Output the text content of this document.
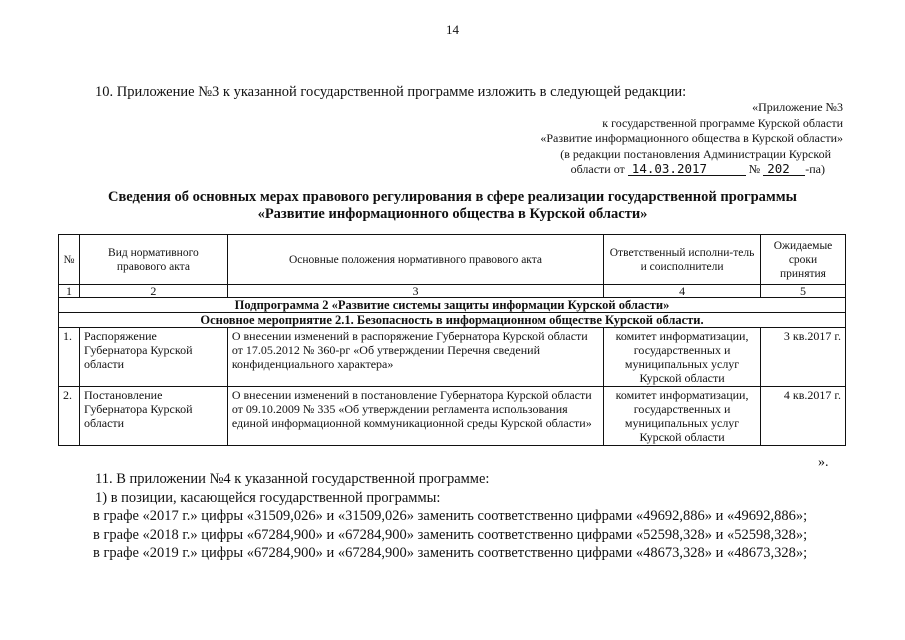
14
10. Приложение №3 к указанной государственной программе изложить в следующей редакции:
«Приложение №3
к государственной программе Курской области
«Развитие информационного общества в Курской области»
(в редакции постановления Администрации Курской
области от 14.03.2017	№ 202 -па)
Сведения об основных мерах правового регулирования в сфере реализации государственной программы
«Развитие информационного общества в Курской области»
№	Вид нормативного правового акта	Основные положения нормативного правового акта	Ответственный исполни-тель и соисполнители	Ожидаемые сроки принятия
1	2	3	4	5
Подпрограмма 2 «Развитие системы защиты информации Курской области»				
Основное мероприятие 2.1. Безопасность в информационном обществе Курской области.				
1.	Распоряжение Губернатора Курской области	О внесении изменений в распоряжение Губернатора Курской области от 17.05.2012 № 360-рг «Об утверждении Перечня сведений конфиденциального характера»	комитет информатизации, государственных и муниципальных услуг Курской области	3 кв.2017 г.
2.	Постановление Губернатора Курской области	О внесении изменений в постановление Губернатора Курской области от 09.10.2009 № 335 «Об утверждении регламента использования единой информационной коммуникационной среды Курской области»	комитет информатизации, государственных и муниципальных услуг Курской области	4 кв.2017 г.
».
11. В приложении №4 к указанной государственной программе:
1) в позиции, касающейся государственной программы:
в графе «2017 г.» цифры «31509,026» и «31509,026» заменить соответственно цифрами «49692,886» и «49692,886»;
в графе «2018 г.» цифры «67284,900» и «67284,900» заменить соответственно цифрами «52598,328» и «52598,328»;
в графе «2019 г.» цифры «67284,900» и «67284,900» заменить соответственно цифрами «48673,328» и «48673,328»;
